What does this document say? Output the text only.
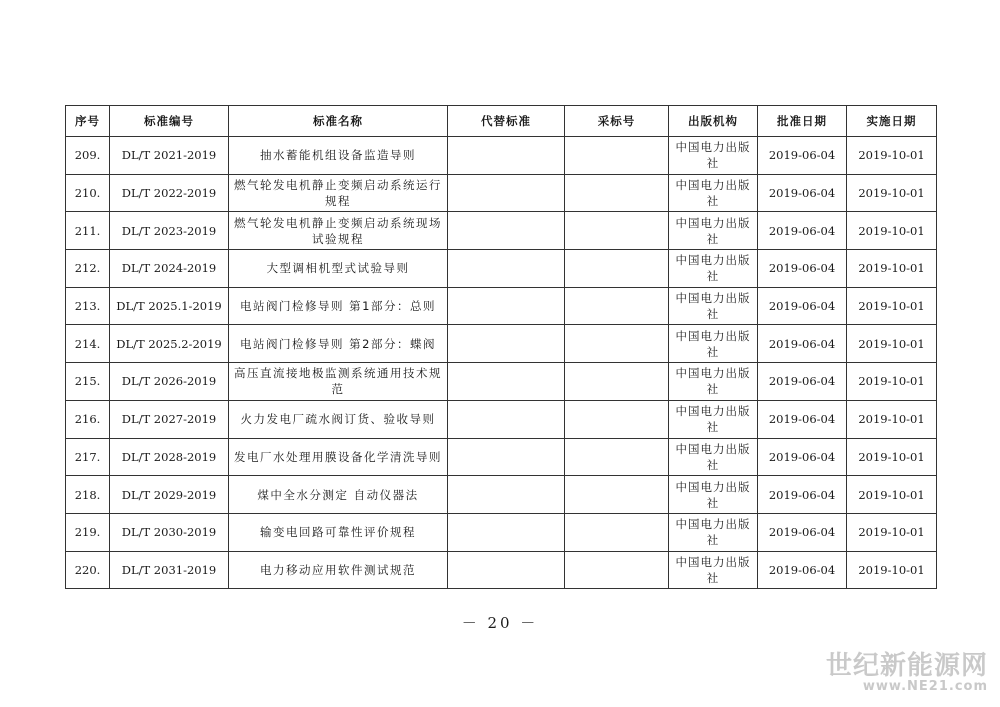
序号	标准编号	标准名称	代替标准	采标号	出版机构	批准日期	实施日期
209.	DL/T 2021-2019	抽水蓄能机组设备监造导则			中国电力出版社	2019-06-04	2019-10-01
210.	DL/T 2022-2019	燃气轮发电机静止变频启动系统运行规程			中国电力出版社	2019-06-04	2019-10-01
211.	DL/T 2023-2019	燃气轮发电机静止变频启动系统现场试验规程			中国电力出版社	2019-06-04	2019-10-01
212.	DL/T 2024-2019	大型调相机型式试验导则			中国电力出版社	2019-06-04	2019-10-01
213.	DL/T 2025.1-2019	电站阀门检修导则 第1部分：总则			中国电力出版社	2019-06-04	2019-10-01
214.	DL/T 2025.2-2019	电站阀门检修导则 第2部分：蝶阀			中国电力出版社	2019-06-04	2019-10-01
215.	DL/T 2026-2019	高压直流接地极监测系统通用技术规范			中国电力出版社	2019-06-04	2019-10-01
216.	DL/T 2027-2019	火力发电厂疏水阀订货、验收导则			中国电力出版社	2019-06-04	2019-10-01
217.	DL/T 2028-2019	发电厂水处理用膜设备化学清洗导则			中国电力出版社	2019-06-04	2019-10-01
218.	DL/T 2029-2019	煤中全水分测定 自动仪器法			中国电力出版社	2019-06-04	2019-10-01
219.	DL/T 2030-2019	输变电回路可靠性评价规程			中国电力出版社	2019-06-04	2019-10-01
220.	DL/T 2031-2019	电力移动应用软件测试规范			中国电力出版社	2019-06-04	2019-10-01
－ 20 －
世纪新能源网
www.NE21.com
